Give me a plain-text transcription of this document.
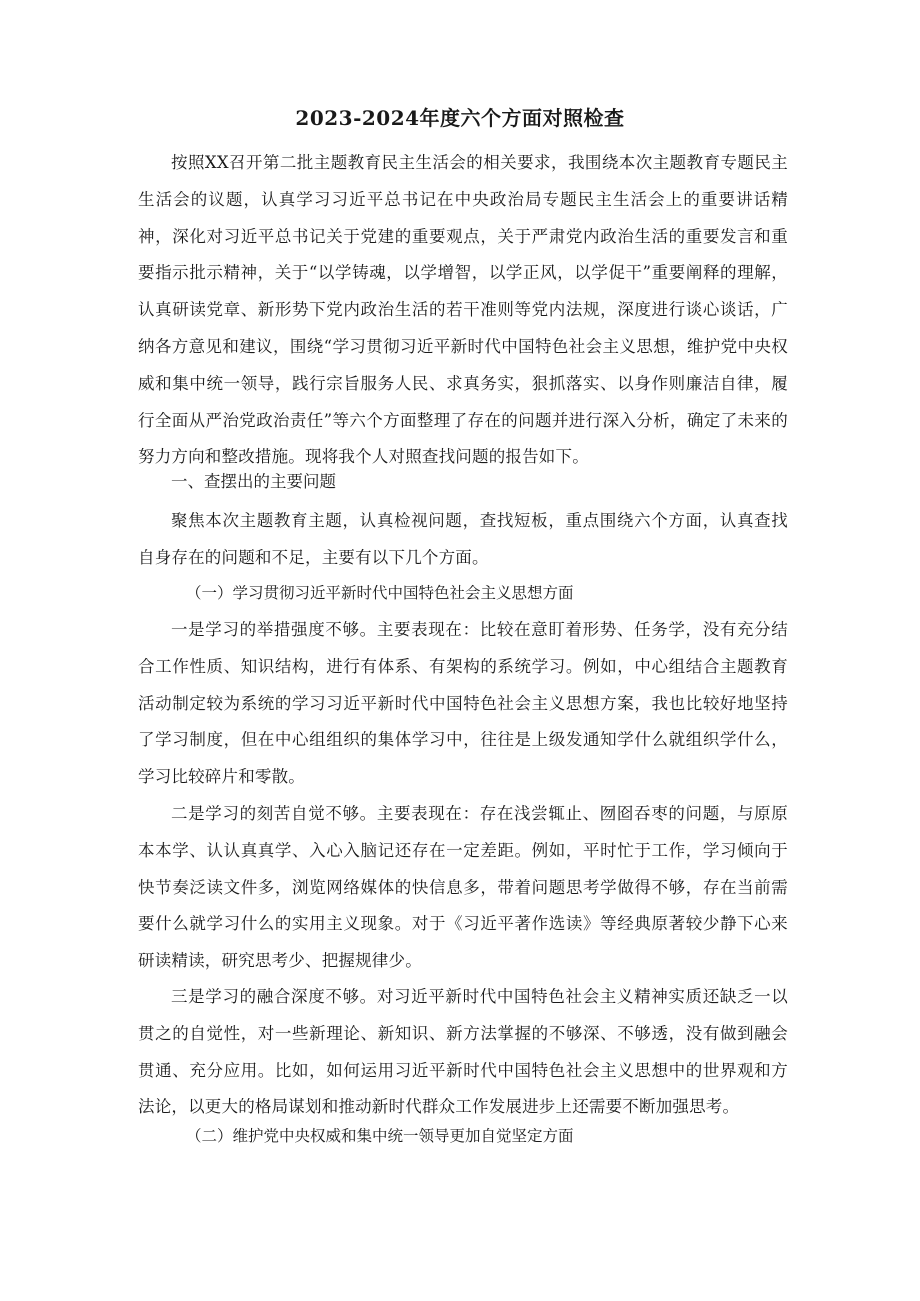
2023-2024年度六个方面对照检查

按照XX召开第二批主题教育民主生活会的相关要求，我围绕本次主题教育专题民主生活会的议题，认真学习习近平总书记在中央政治局专题民主生活会上的重要讲话精神，深化对习近平总书记关于党建的重要观点，关于严肃党内政治生活的重要发言和重要指示批示精神，关于“以学铸魂，以学增智，以学正风，以学促干”重要阐释的理解，认真研读党章、新形势下党内政治生活的若干准则等党内法规，深度进行谈心谈话，广纳各方意见和建议，围绕“学习贯彻习近平新时代中国特色社会主义思想，维护党中央权威和集中统一领导，践行宗旨服务人民、求真务实，狠抓落实、以身作则廉洁自律，履行全面从严治党政治责任”等六个方面整理了存在的问题并进行深入分析，确定了未来的努力方向和整改措施。现将我个人对照查找问题的报告如下。

一、查摆出的主要问题

聚焦本次主题教育主题，认真检视问题，查找短板，重点围绕六个方面，认真查找自身存在的问题和不足，主要有以下几个方面。

（一）学习贯彻习近平新时代中国特色社会主义思想方面

一是学习的举措强度不够。主要表现在：比较在意盯着形势、任务学，没有充分结合工作性质、知识结构，进行有体系、有架构的系统学习。例如，中心组结合主题教育活动制定较为系统的学习习近平新时代中国特色社会主义思想方案，我也比较好地坚持了学习制度，但在中心组组织的集体学习中，往往是上级发通知学什么就组织学什么，学习比较碎片和零散。

二是学习的刻苦自觉不够。主要表现在：存在浅尝辄止、囫囵吞枣的问题，与原原本本学、认认真真学、入心入脑记还存在一定差距。例如，平时忙于工作，学习倾向于快节奏泛读文件多，浏览网络媒体的快信息多，带着问题思考学做得不够，存在当前需要什么就学习什么的实用主义现象。对于《习近平著作选读》等经典原著较少静下心来研读精读，研究思考少、把握规律少。

三是学习的融合深度不够。对习近平新时代中国特色社会主义精神实质还缺乏一以贯之的自觉性，对一些新理论、新知识、新方法掌握的不够深、不够透，没有做到融会贯通、充分应用。比如，如何运用习近平新时代中国特色社会主义思想中的世界观和方法论，以更大的格局谋划和推动新时代群众工作发展进步上还需要不断加强思考。

（二）维护党中央权威和集中统一领导更加自觉坚定方面
